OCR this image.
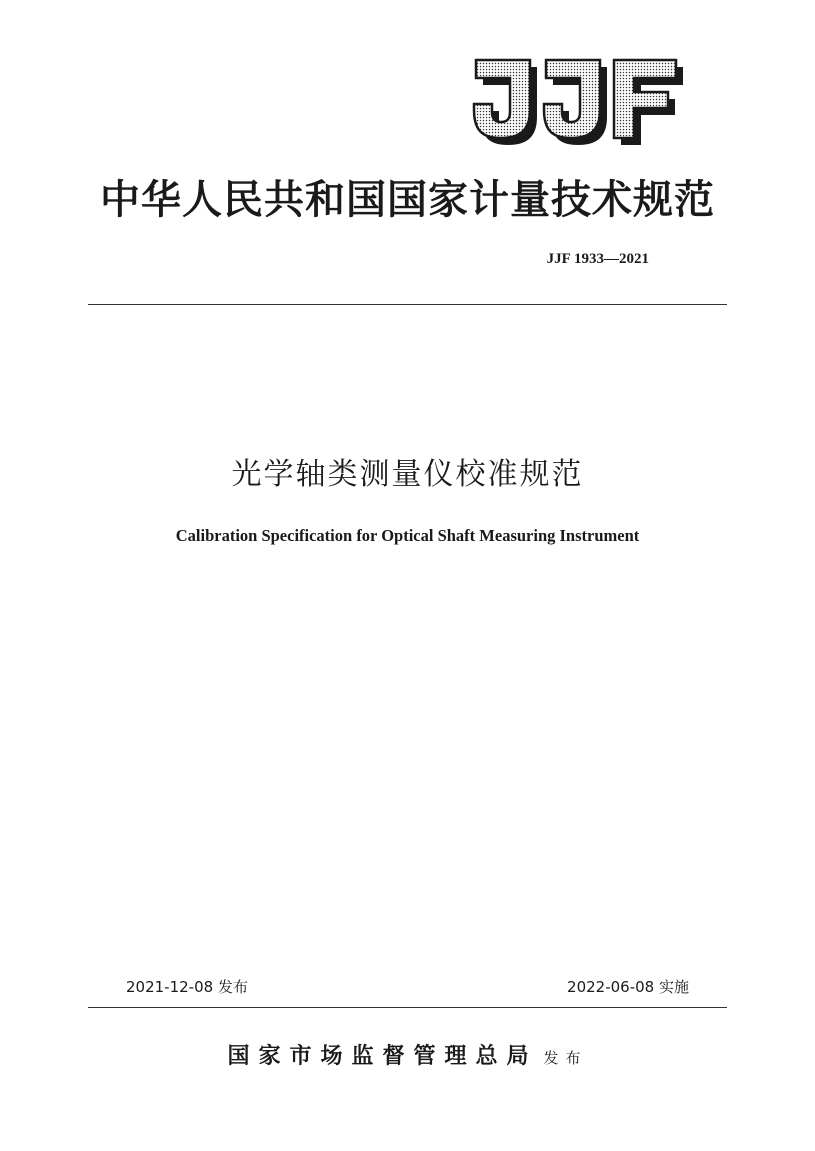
中华人民共和国国家计量技术规范
JJF 1933—2021
光学轴类测量仪校准规范
Calibration Specification for Optical Shaft Measuring Instrument
2021-12-08 发布	2022-06-08 实施
国家市场监督管理总局 发布
